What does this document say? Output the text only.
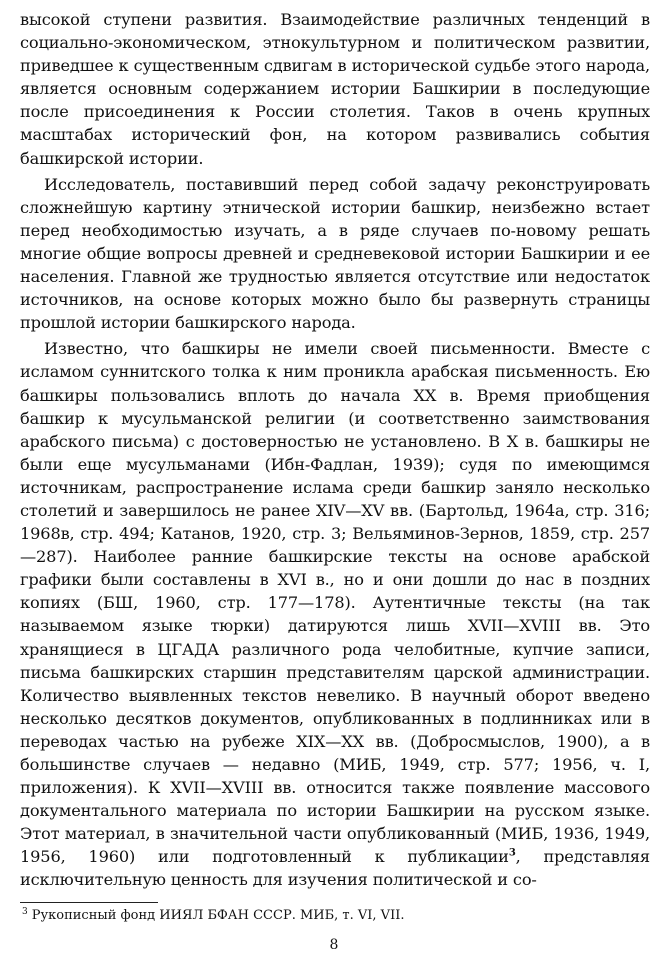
высокой ступени развития. Взаимодействие различных тенденций в социально-экономическом, этнокультурном и политическом развитии, приведшее к существенным сдвигам в исторической судьбе этого народа, является основным содержанием истории Башкирии в последующие после присоединения к России столетия. Таков в очень крупных масштабах исторический фон, на котором развивались события башкирской истории.

Исследователь, поставивший перед собой задачу реконструировать сложнейшую картину этнической истории башкир, неизбежно встает перед необходимостью изучать, а в ряде случаев по-новому решать многие общие вопросы древней и средневековой истории Башкирии и ее населения. Главной же трудностью является отсутствие или недостаток источников, на основе которых можно было бы развернуть страницы прошлой истории башкирского народа.

Известно, что башкиры не имели своей письменности. Вместе с исламом суннитского толка к ним проникла арабская письменность. Ею башкиры пользовались вплоть до начала XX в. Время приобщения башкир к мусульманской религии (и соответственно заимствования арабского письма) с достоверностью не установлено. В X в. башкиры не были еще мусульманами (Ибн-Фадлан, 1939); судя по имеющимся источникам, распространение ислама среди башкир заняло несколько столетий и завершилось не ранее XIV—XV вв. (Бартольд, 1964а, стр. 316; 1968в, стр. 494; Катанов, 1920, стр. 3; Вельяминов-Зернов, 1859, стр. 257—287). Наиболее ранние башкирские тексты на основе арабской графики были составлены в XVI в., но и они дошли до нас в поздних копиях (БШ, 1960, стр. 177—178). Аутентичные тексты (на так называемом языке тюрки) датируются лишь XVII—XVIII вв. Это хранящиеся в ЦГАДА различного рода челобитные, купчие записи, письма башкирских старшин представителям царской администрации. Количество выявленных текстов невелико. В научный оборот введено несколько десятков документов, опубликованных в подлинниках или в переводах частью на рубеже XIX—XX вв. (Добросмыслов, 1900), а в большинстве случаев — недавно (МИБ, 1949, стр. 577; 1956, ч. I, приложения). К XVII—XVIII вв. относится также появление массового документального материала по истории Башкирии на русском языке. Этот материал, в значительной части опубликованный (МИБ, 1936, 1949, 1956, 1960) или подготовленный к публикации$^3$, представляя исключительную ценность для изучения политической и со-

$^3$ Рукописный фонд ИИЯЛ БФАН СССР. МИБ, т. VI, VII.
8
